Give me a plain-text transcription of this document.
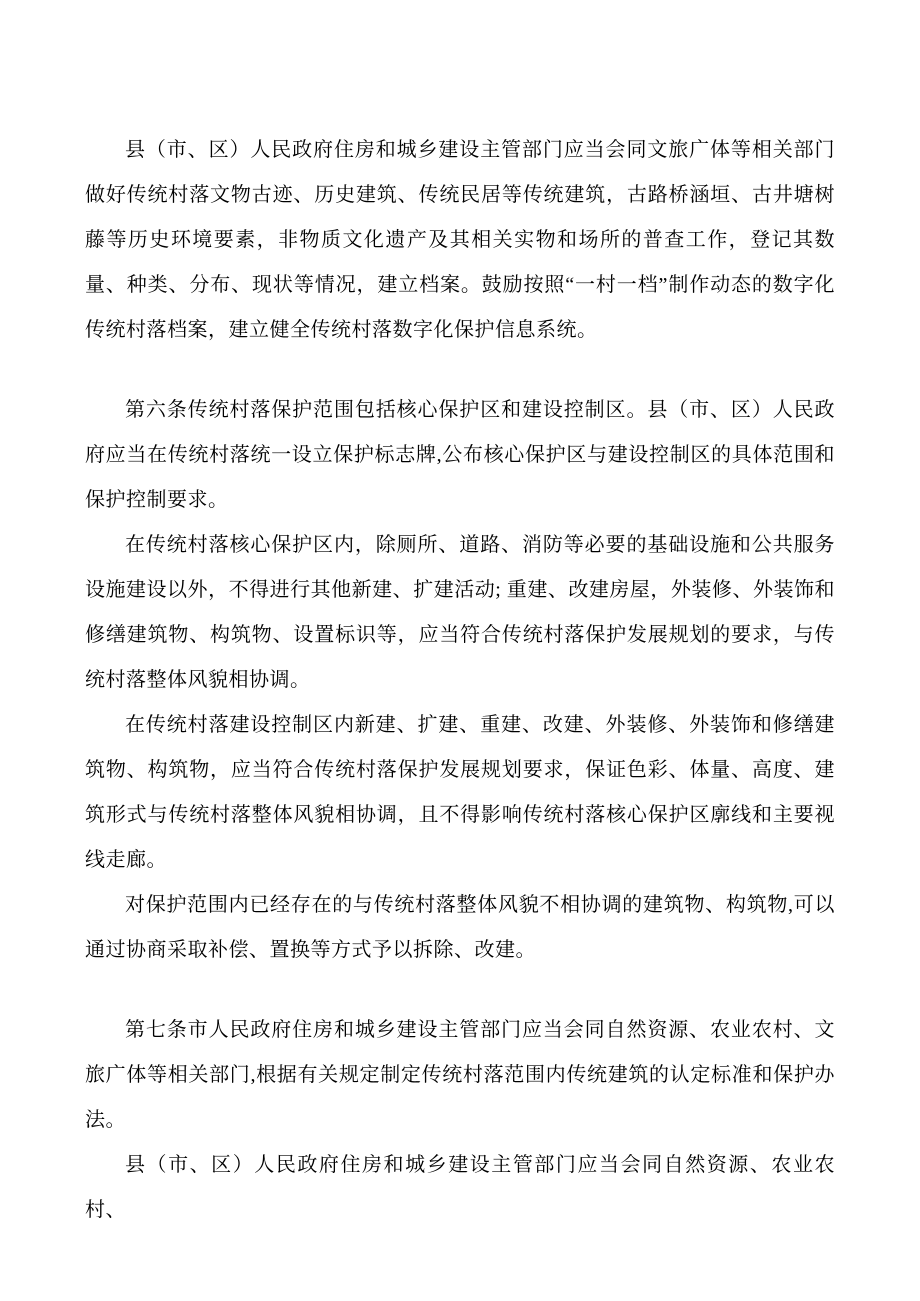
县（市、区）人民政府住房和城乡建设主管部门应当会同文旅广体等相关部门做好传统村落文物古迹、历史建筑、传统民居等传统建筑，古路桥涵垣、古井塘树藤等历史环境要素，非物质文化遗产及其相关实物和场所的普查工作，登记其数量、种类、分布、现状等情况，建立档案。鼓励按照“一村一档”制作动态的数字化传统村落档案，建立健全传统村落数字化保护信息系统。

第六条传统村落保护范围包括核心保护区和建设控制区。县（市、区）人民政府应当在传统村落统一设立保护标志牌,公布核心保护区与建设控制区的具体范围和保护控制要求。

在传统村落核心保护区内，除厕所、道路、消防等必要的基础设施和公共服务设施建设以外，不得进行其他新建、扩建活动; 重建、改建房屋，外装修、外装饰和修缮建筑物、构筑物、设置标识等，应当符合传统村落保护发展规划的要求，与传统村落整体风貌相协调。

在传统村落建设控制区内新建、扩建、重建、改建、外装修、外装饰和修缮建筑物、构筑物，应当符合传统村落保护发展规划要求，保证色彩、体量、高度、建筑形式与传统村落整体风貌相协调，且不得影响传统村落核心保护区廓线和主要视线走廊。

对保护范围内已经存在的与传统村落整体风貌不相协调的建筑物、构筑物,可以通过协商采取补偿、置换等方式予以拆除、改建。

第七条市人民政府住房和城乡建设主管部门应当会同自然资源、农业农村、文旅广体等相关部门,根据有关规定制定传统村落范围内传统建筑的认定标准和保护办法。

县（市、区）人民政府住房和城乡建设主管部门应当会同自然资源、农业农村、
